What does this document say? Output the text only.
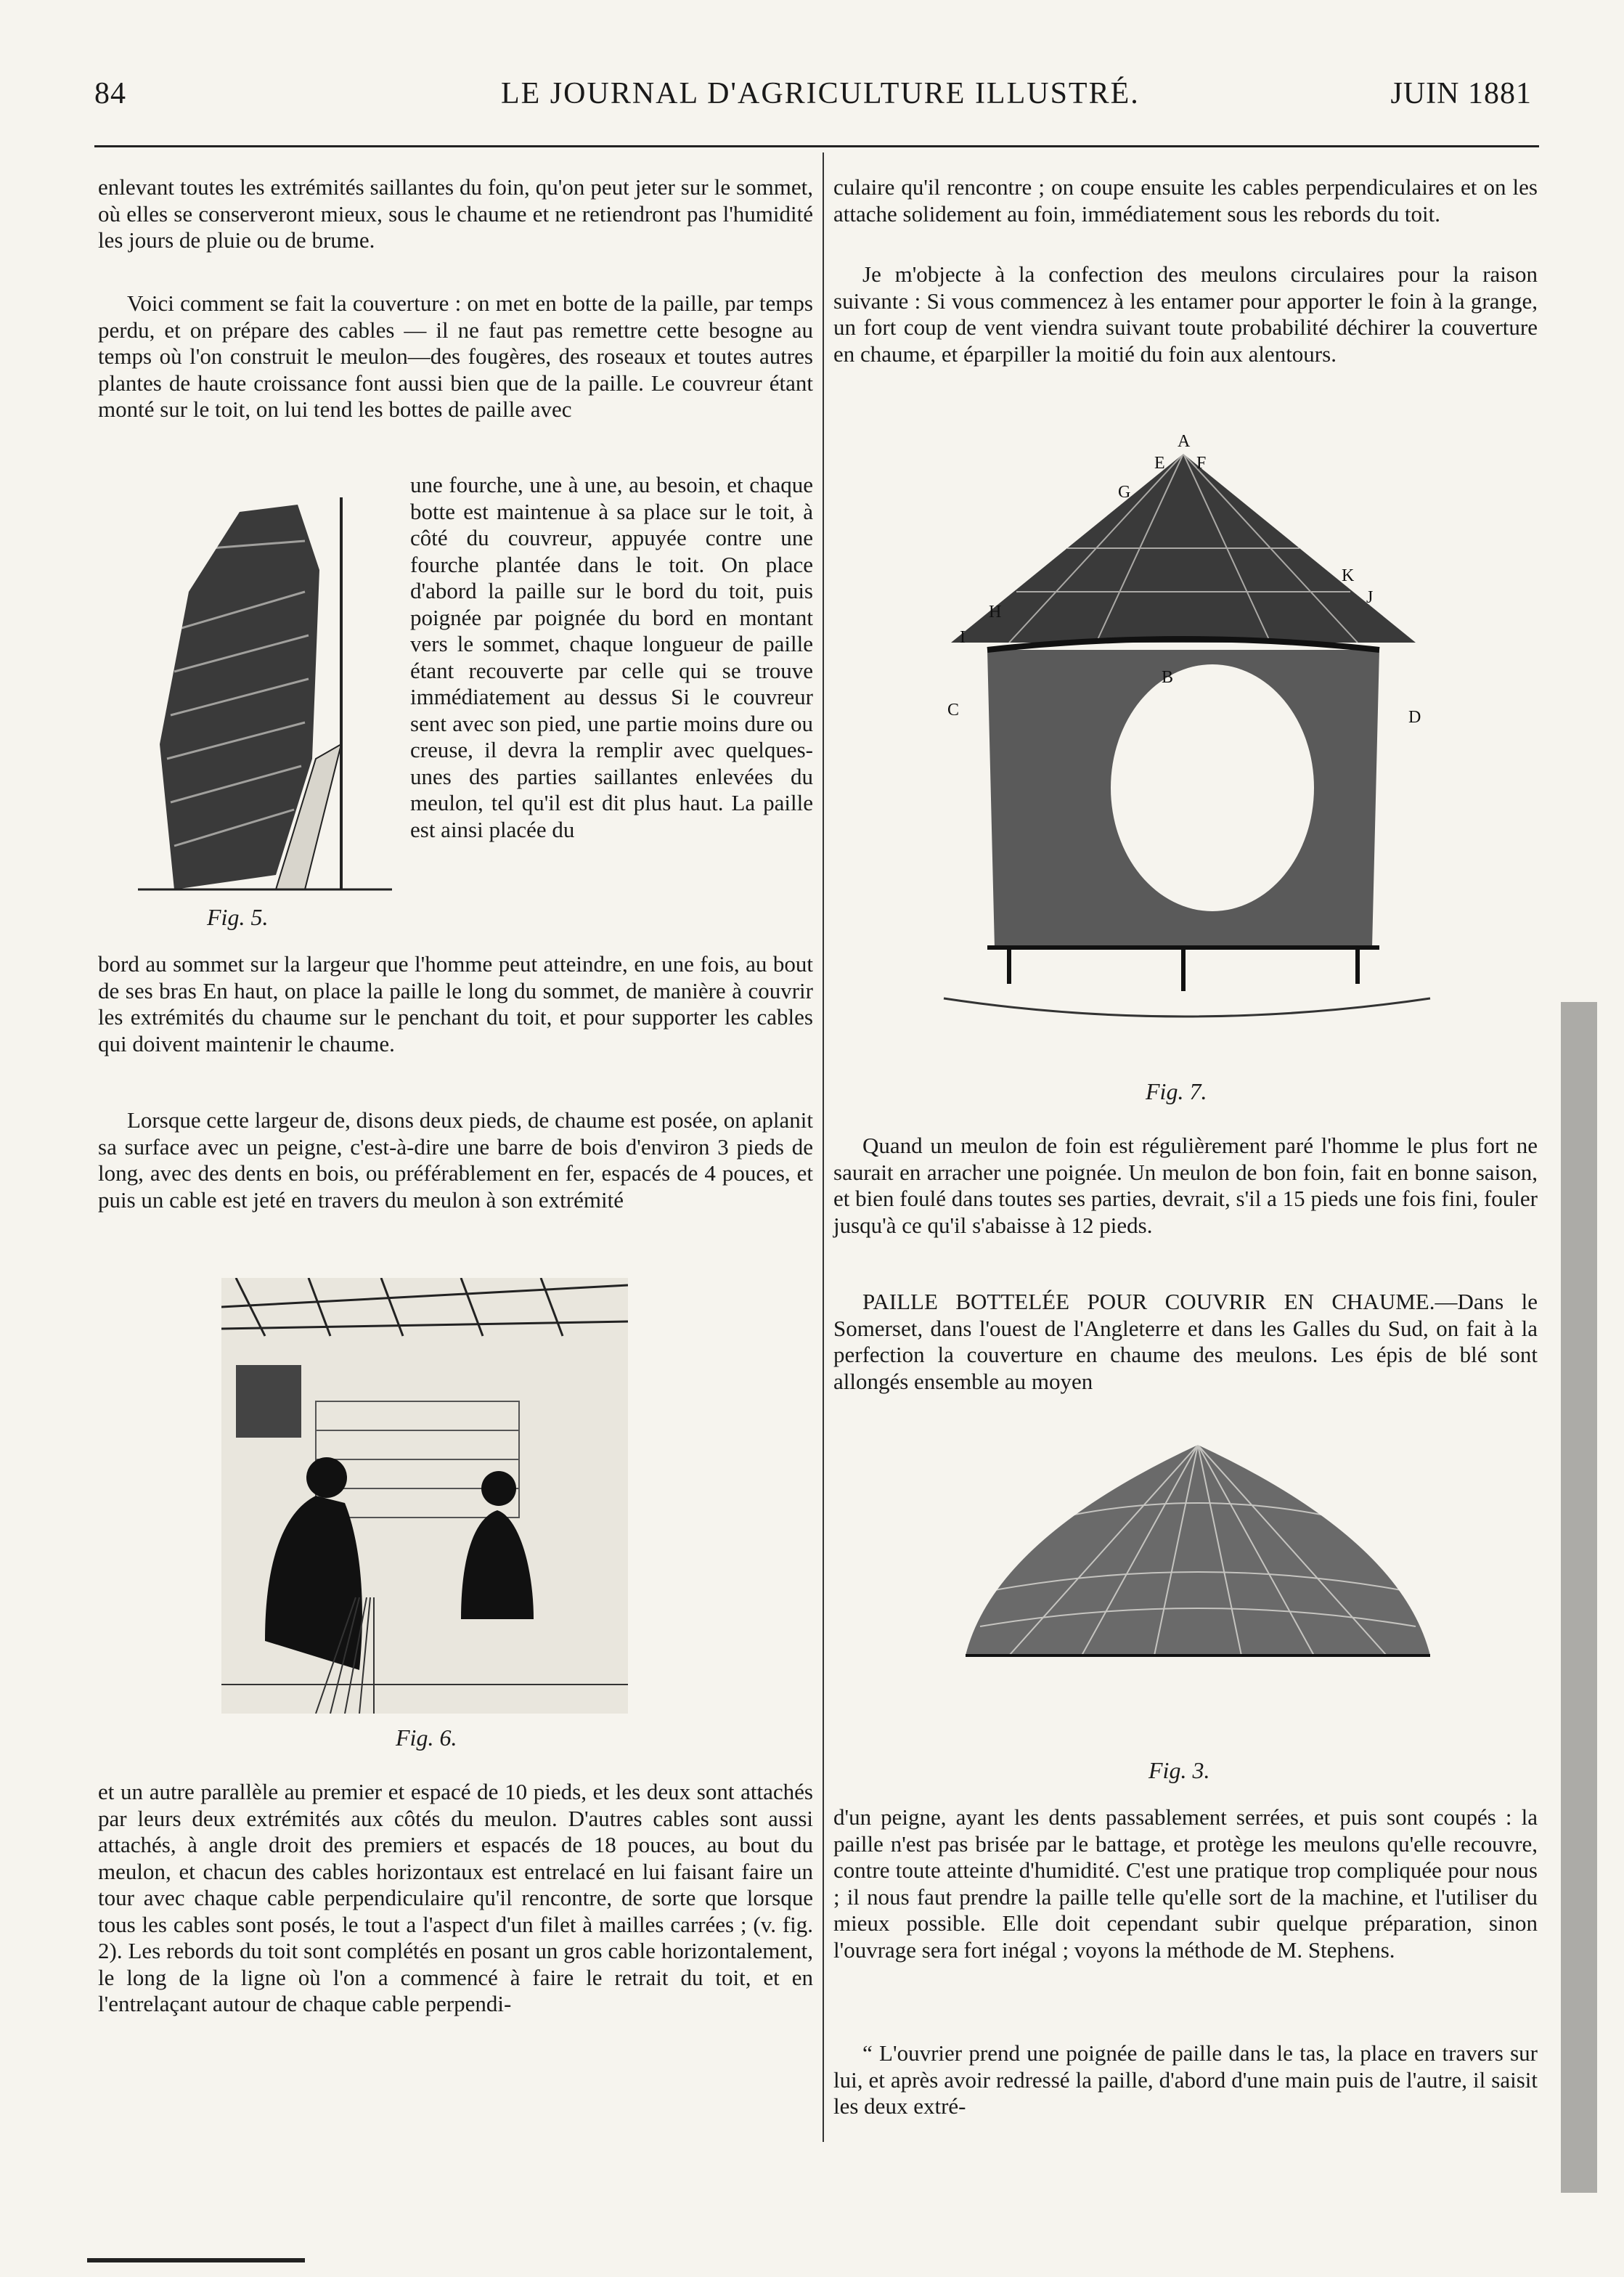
84	LE JOURNAL D'AGRICULTURE ILLUSTRÉ.	JUIN 1881

enlevant toutes les extrémités saillantes du foin, qu'on peut jeter sur le sommet, où elles se conserveront mieux, sous le chaume et ne retiendront pas l'humidité les jours de pluie ou de brume.

Voici comment se fait la couverture : on met en botte de la paille, par temps perdu, et on prépare des cables — il ne faut pas remettre cette besogne au temps où l'on construit le meulon—des fougères, des roseaux et toutes autres plantes de haute croissance font aussi bien que de la paille. Le couvreur étant monté sur le toit, on lui tend les bottes de paille avec

une fourche, une à une, au besoin, et chaque botte est maintenue à sa place sur le toit, à côté du couvreur, appuyée contre une fourche plantée dans le toit. On place d'abord la paille sur le bord du toit, puis poignée par poignée du bord en montant vers le sommet, chaque longueur de paille étant recouverte par celle qui se trouve immédiatement au dessus Si le couvreur sent avec son pied, une partie moins dure ou creuse, il devra la remplir avec quelques-unes des parties saillantes enlevées du meulon, tel qu'il est dit plus haut. La paille est ainsi placée du

Fig. 5.

bord au sommet sur la largeur que l'homme peut atteindre, en une fois, au bout de ses bras En haut, on place la paille le long du sommet, de manière à couvrir les extrémités du chaume sur le penchant du toit, et pour supporter les cables qui doivent maintenir le chaume.

Lorsque cette largeur de, disons deux pieds, de chaume est posée, on aplanit sa surface avec un peigne, c'est-à-dire une barre de bois d'environ 3 pieds de long, avec des dents en bois, ou préférablement en fer, espacés de 4 pouces, et puis un cable est jeté en travers du meulon à son extrémité

Fig. 6.

et un autre parallèle au premier et espacé de 10 pieds, et les deux sont attachés par leurs deux extrémités aux côtés du meulon. D'autres cables sont aussi attachés, à angle droit des premiers et espacés de 18 pouces, au bout du meulon, et chacun des cables horizontaux est entrelacé en lui faisant faire un tour avec chaque cable perpendiculaire qu'il rencontre, de sorte que lorsque tous les cables sont posés, le tout a l'aspect d'un filet à mailles carrées ; (v. fig. 2). Les rebords du toit sont complétés en posant un gros cable horizontalement, le long de la ligne où l'on a commencé à faire le retrait du toit, et en l'entrelaçant autour de chaque cable perpendi-

culaire qu'il rencontre ; on coupe ensuite les cables perpendiculaires et on les attache solidement au foin, immédiatement sous les rebords du toit.

Je m'objecte à la confection des meulons circulaires pour la raison suivante : Si vous commencez à les entamer pour apporter le foin à la grange, un fort coup de vent viendra suivant toute probabilité déchirer la couverture en chaume, et éparpiller la moitié du foin aux alentours.

A
E F
G
H
I
K
J
B
C	D
Fig. 7.

Quand un meulon de foin est régulièrement paré l'homme le plus fort ne saurait en arracher une poignée. Un meulon de bon foin, fait en bonne saison, et bien foulé dans toutes ses parties, devrait, s'il a 15 pieds une fois fini, fouler jusqu'à ce qu'il s'abaisse à 12 pieds.

PAILLE BOTTELÉE POUR COUVRIR EN CHAUME.—Dans le Somerset, dans l'ouest de l'Angleterre et dans les Galles du Sud, on fait à la perfection la couverture en chaume des meulons. Les épis de blé sont allongés ensemble au moyen

Fig. 3.

d'un peigne, ayant les dents passablement serrées, et puis sont coupés : la paille n'est pas brisée par le battage, et protège les meulons qu'elle recouvre, contre toute atteinte d'humidité. C'est une pratique trop compliquée pour nous ; il nous faut prendre la paille telle qu'elle sort de la machine, et l'utiliser du mieux possible. Elle doit cependant subir quelque préparation, sinon l'ouvrage sera fort inégal ; voyons la méthode de M. Stephens.

“ L'ouvrier prend une poignée de paille dans le tas, la place en travers sur lui, et après avoir redressé la paille, d'abord d'une main puis de l'autre, il saisit les deux extré-
